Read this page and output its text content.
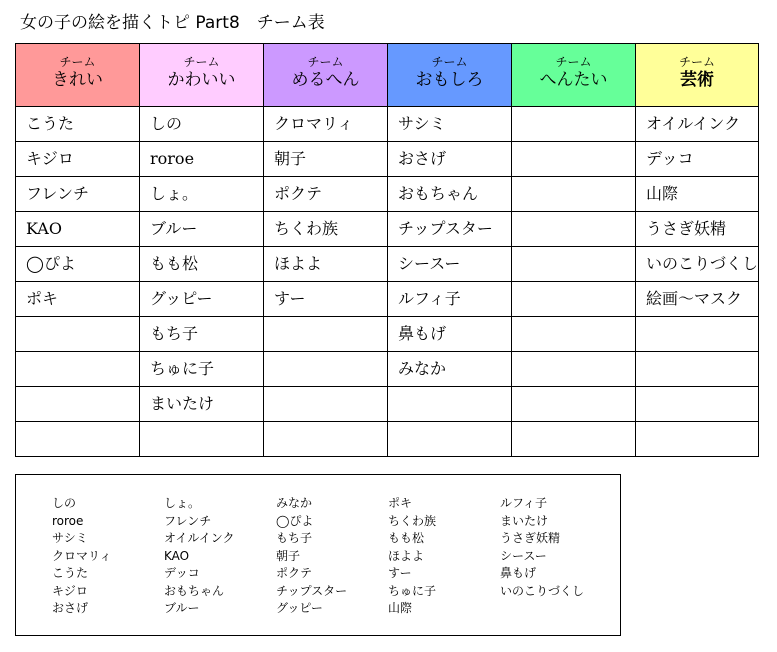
女の子の絵を描くトピ Part8　チーム表
チーム
きれい
こうた
キジロ
フレンチ
KAO
◯ぴよ
ポキ
チーム
かわいい
しの
roroe
しょ。
ブルー
もも松
グッピー
もち子
ちゅに子
まいたけ
チーム
めるへん
クロマリィ
朝子
ポクテ
ちくわ族
ほよよ
すー
チーム
おもしろ
サシミ
おさげ
おもちゃん
チップスター
シースー
ルフィ子
鼻もげ
みなか
チーム
へんたい
チーム
芸術
オイルインク
デッコ
山際
うさぎ妖精
いのこりづくし
絵画～マスク
しの
roroe
サシミ
クロマリィ
こうた
キジロ
おさげ
しょ。
フレンチ
オイルインク
KAO
デッコ
おもちゃん
ブルー
みなか
◯ぴよ
もち子
朝子
ポクテ
チップスター
グッピー
ポキ
ちくわ族
もも松
ほよよ
すー
ちゅに子
山際
ルフィ子
まいたけ
うさぎ妖精
シースー
鼻もげ
いのこりづくし
